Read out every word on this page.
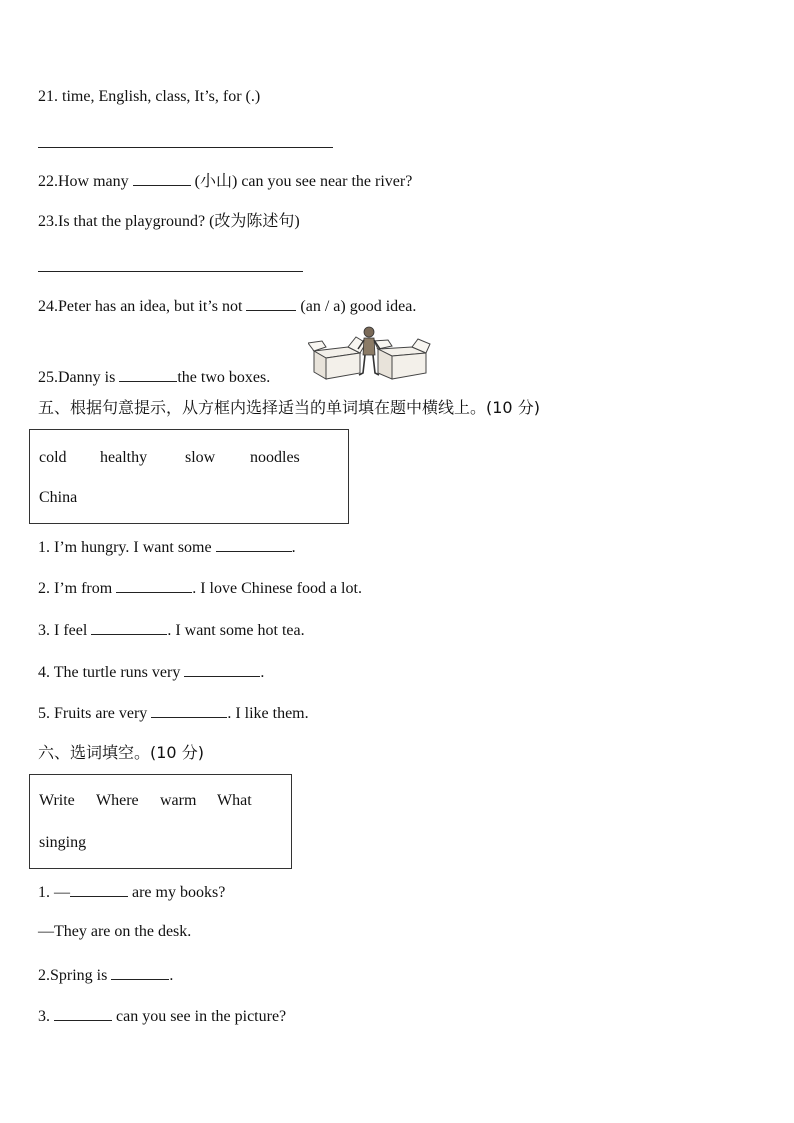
21. time, English, class, It’s, for (.)
22.How many	(小山) can you see near the river?
23.Is that the playground? (改为陈述句)
24.Peter has an idea, but it’s not	(an / a) good idea.
25.Danny is	the two boxes.
五、根据句意提示，从方框内选择适当的单词填在题中横线上。(10 分)
cold healthy slow noodles
China
1. I’m hungry. I want some	.
2. I’m from	. I love Chinese food a lot.
3. I feel	. I want some hot tea.
4. The turtle runs very	.
5. Fruits are very	. I like them.
六、选词填空。(10 分)
Write Where warm What
singing
1. —	are my books?
—They are on the desk.
2.Spring is	.
3.	can you see in the picture?
